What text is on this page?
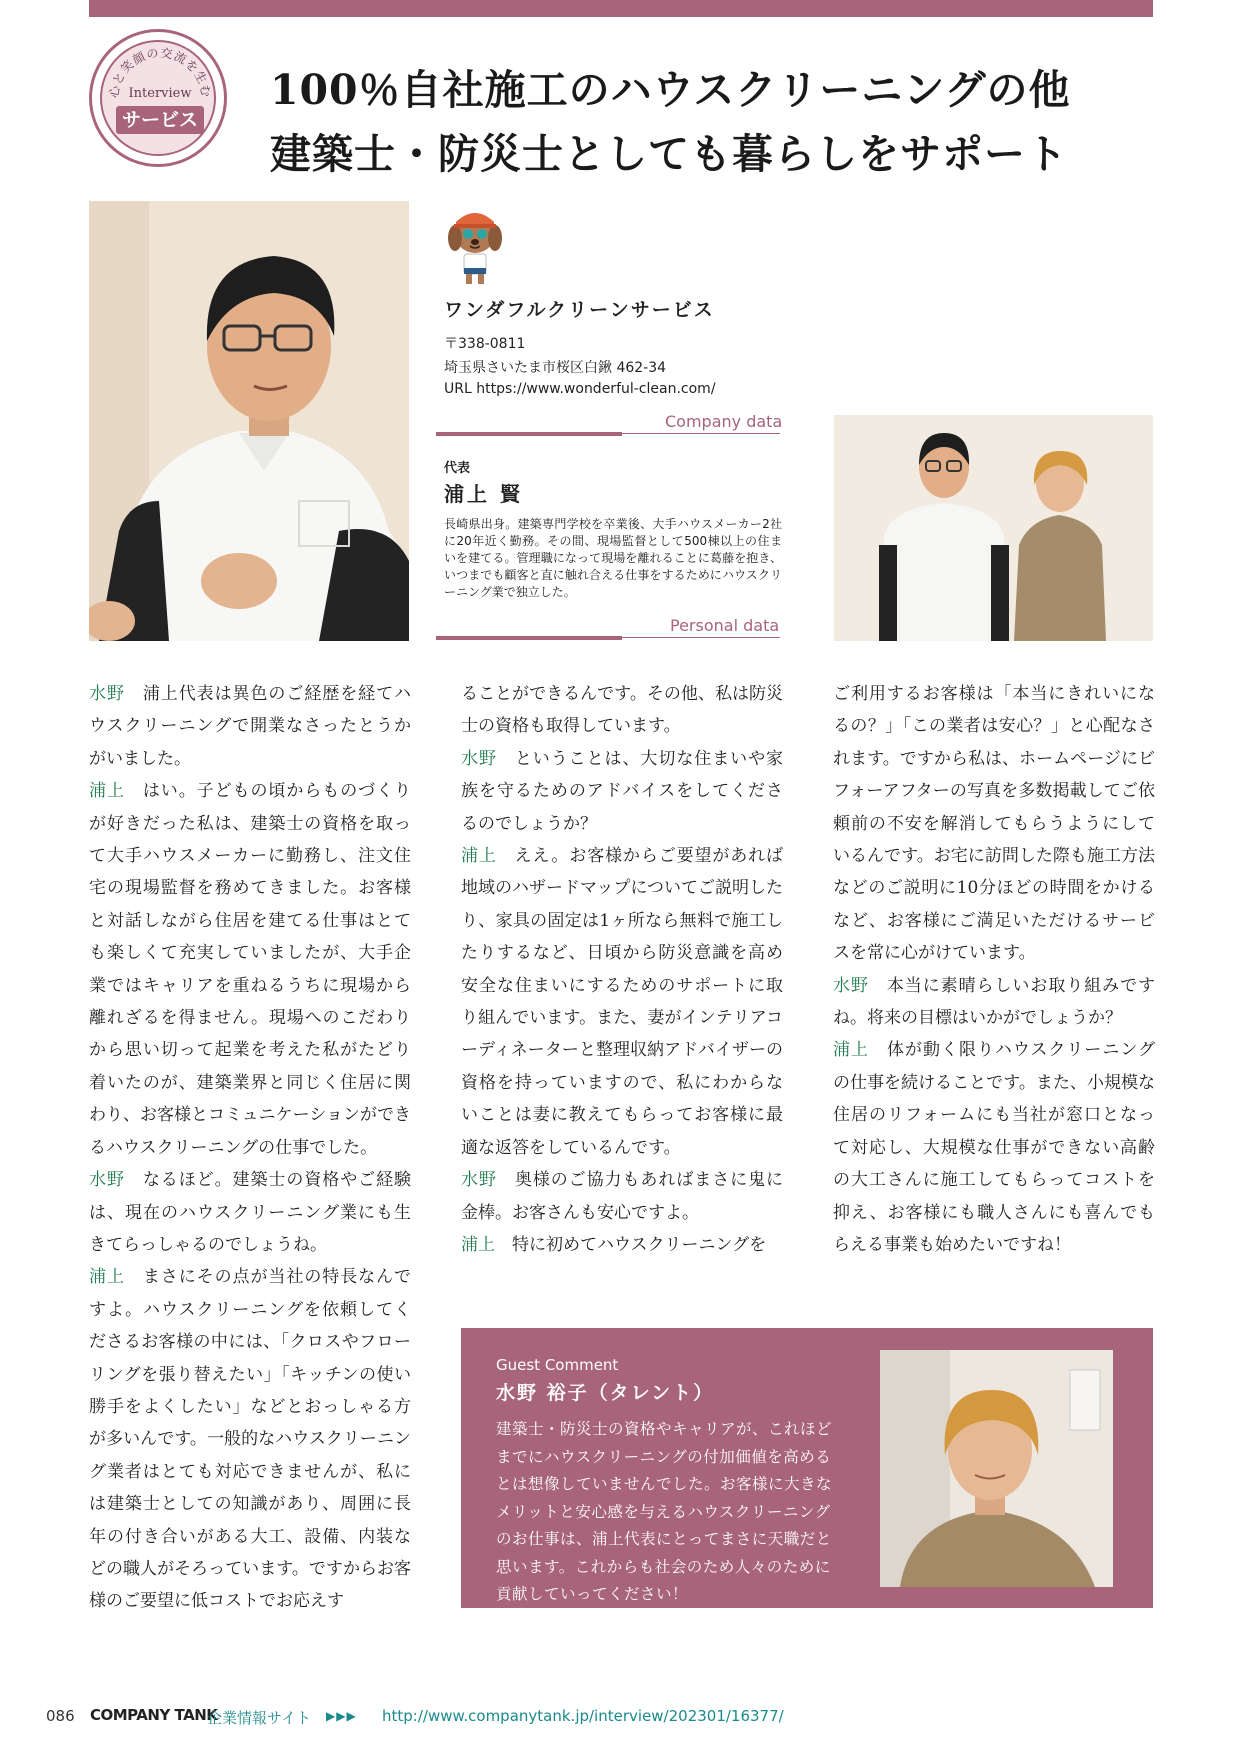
心と笑顔の交流を生む
Interview
サービス
100％自社施工のハウスクリーニングの他
建築士・防災士としても暮らしをサポート
ワンダフルクリーンサービス
〒338-0811
埼玉県さいたま市桜区白鍬 462-34
URL https://www.wonderful-clean.com/
Company data
代表
浦上 賢
長崎県出身。建築専門学校を卒業後、大手ハウスメーカー2社に20年近く勤務。その間、現場監督として500棟以上の住まいを建てる。管理職になって現場を離れることに葛藤を抱き、いつまでも顧客と直に触れ合える仕事をするためにハウスクリーニング業で独立した。
Personal data

水野　 浦上代表は異色のご経歴を経てハウスクリーニングで開業なさったとうかがいました。

浦上　 はい。子どもの頃からものづくりが好きだった私は、建築士の資格を取って大手ハウスメーカーに勤務し、注文住宅の現場監督を務めてきました。お客様と対話しながら住居を建てる仕事はとても楽しくて充実していましたが、大手企業ではキャリアを重ねるうちに現場から離れざるを得ません。現場へのこだわりから思い切って起業を考えた私がたどり着いたのが、建築業界と同じく住居に関わり、お客様とコミュニケーションができるハウスクリーニングの仕事でした。

水野　 なるほど。建築士の資格やご経験は、現在のハウスクリーニング業にも生きてらっしゃるのでしょうね。

浦上　 まさにその点が当社の特長なんですよ。ハウスクリーニングを依頼してくださるお客様の中には、「クロスやフローリングを張り替えたい」「キッチンの使い勝手をよくしたい」などとおっしゃる方が多いんです。一般的なハウスクリーニング業者はとても対応できませんが、私には建築士としての知識があり、周囲に長年の付き合いがある大工、設備、内装などの職人がそろっています。ですからお客様のご要望に低コストでお応えす

ることができるんです。その他、私は防災士の資格も取得しています。

水野　 ということは、大切な住まいや家族を守るためのアドバイスをしてくださるのでしょうか？

浦上　 ええ。お客様からご要望があれば地域のハザードマップについてご説明したり、家具の固定は1ヶ所なら無料で施工したりするなど、日頃から防災意識を高め安全な住まいにするためのサポートに取り組んでいます。また、妻がインテリアコーディネーターと整理収納アドバイザーの資格を持っていますので、私にわからないことは妻に教えてもらってお客様に最適な返答をしているんです。

水野　 奥様のご協力もあればまさに鬼に金棒。お客さんも安心ですよ。

浦上　 特に初めてハウスクリーニングを

ご利用するお客様は「本当にきれいになるの？」「この業者は安心？」と心配なされます。ですから私は、ホームページにビフォーアフターの写真を多数掲載してご依頼前の不安を解消してもらうようにしているんです。お宅に訪問した際も施工方法などのご説明に10分ほどの時間をかけるなど、お客様にご満足いただけるサービスを常に心がけています。

水野　 本当に素晴らしいお取り組みですね。将来の目標はいかがでしょうか？

浦上　 体が動く限りハウスクリーニングの仕事を続けることです。また、小規模な住居のリフォームにも当社が窓口となって対応し、大規模な仕事ができない高齢の大工さんに施工してもらってコストを抑え、お客様にも職人さんにも喜んでもらえる事業も始めたいですね！

Guest Comment
水野 裕子（タレント）
建築士・防災士の資格やキャリアが、これほどまでにハウスクリーニングの付加価値を高めるとは想像していませんでした。お客様に大きなメリットと安心感を与えるハウスクリーニングのお仕事は、浦上代表にとってまさに天職だと思います。これからも社会のため人々のために貢献していってください！
086 COMPANY TANK
企業情報サイト ▶▶▶ http://www.companytank.jp/interview/202301/16377/
